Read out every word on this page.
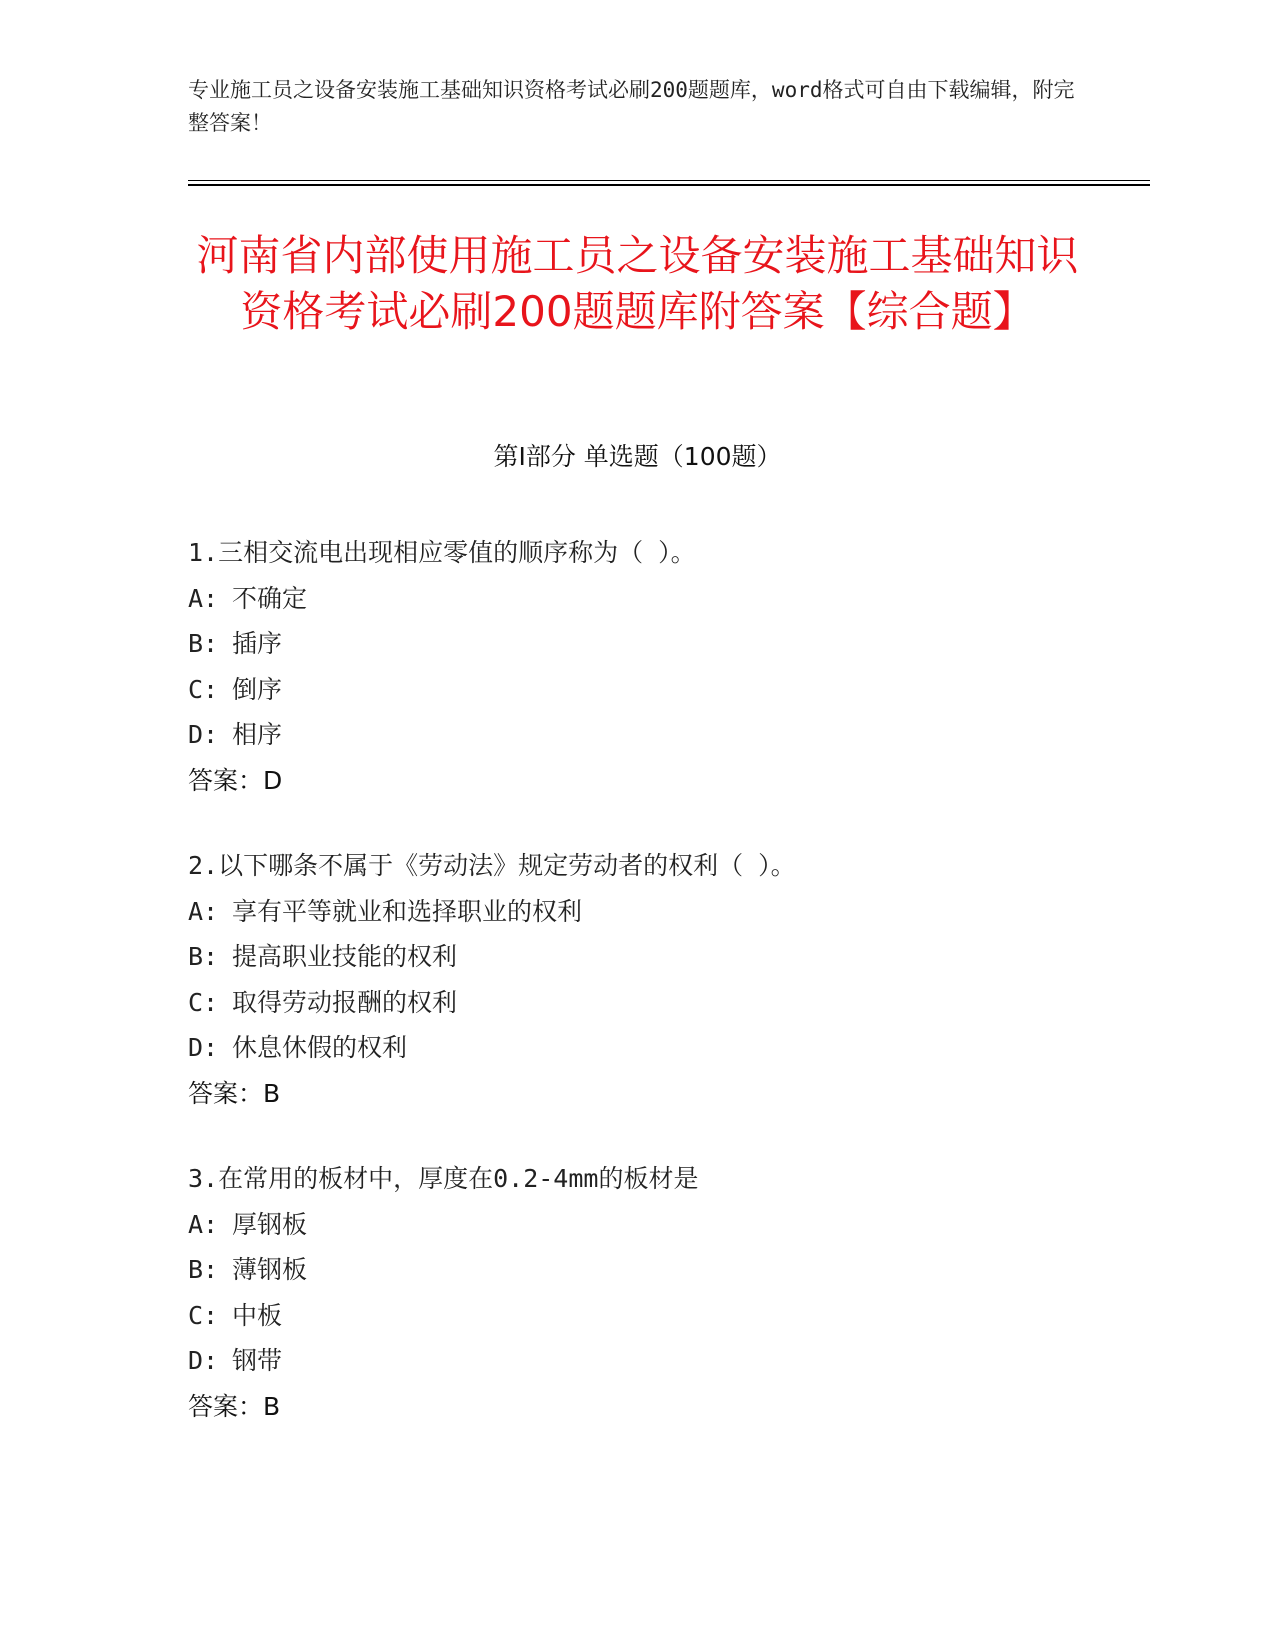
专业施工员之设备安装施工基础知识资格考试必刷200题题库，word格式可自由下载编辑，附完整答案！
河南省内部使用施工员之设备安装施工基础知识资格考试必刷200题题库附答案【综合题】
第I部分 单选题（100题）
1.三相交流电出现相应零值的顺序称为（ ）。
A: 不确定
B: 插序
C: 倒序
D: 相序
答案：D
2.以下哪条不属于《劳动法》规定劳动者的权利（ ）。
A: 享有平等就业和选择职业的权利
B: 提高职业技能的权利
C: 取得劳动报酬的权利
D: 休息休假的权利
答案：B
3.在常用的板材中，厚度在0.2-4mm的板材是
A: 厚钢板
B: 薄钢板
C: 中板
D: 钢带
答案：B
